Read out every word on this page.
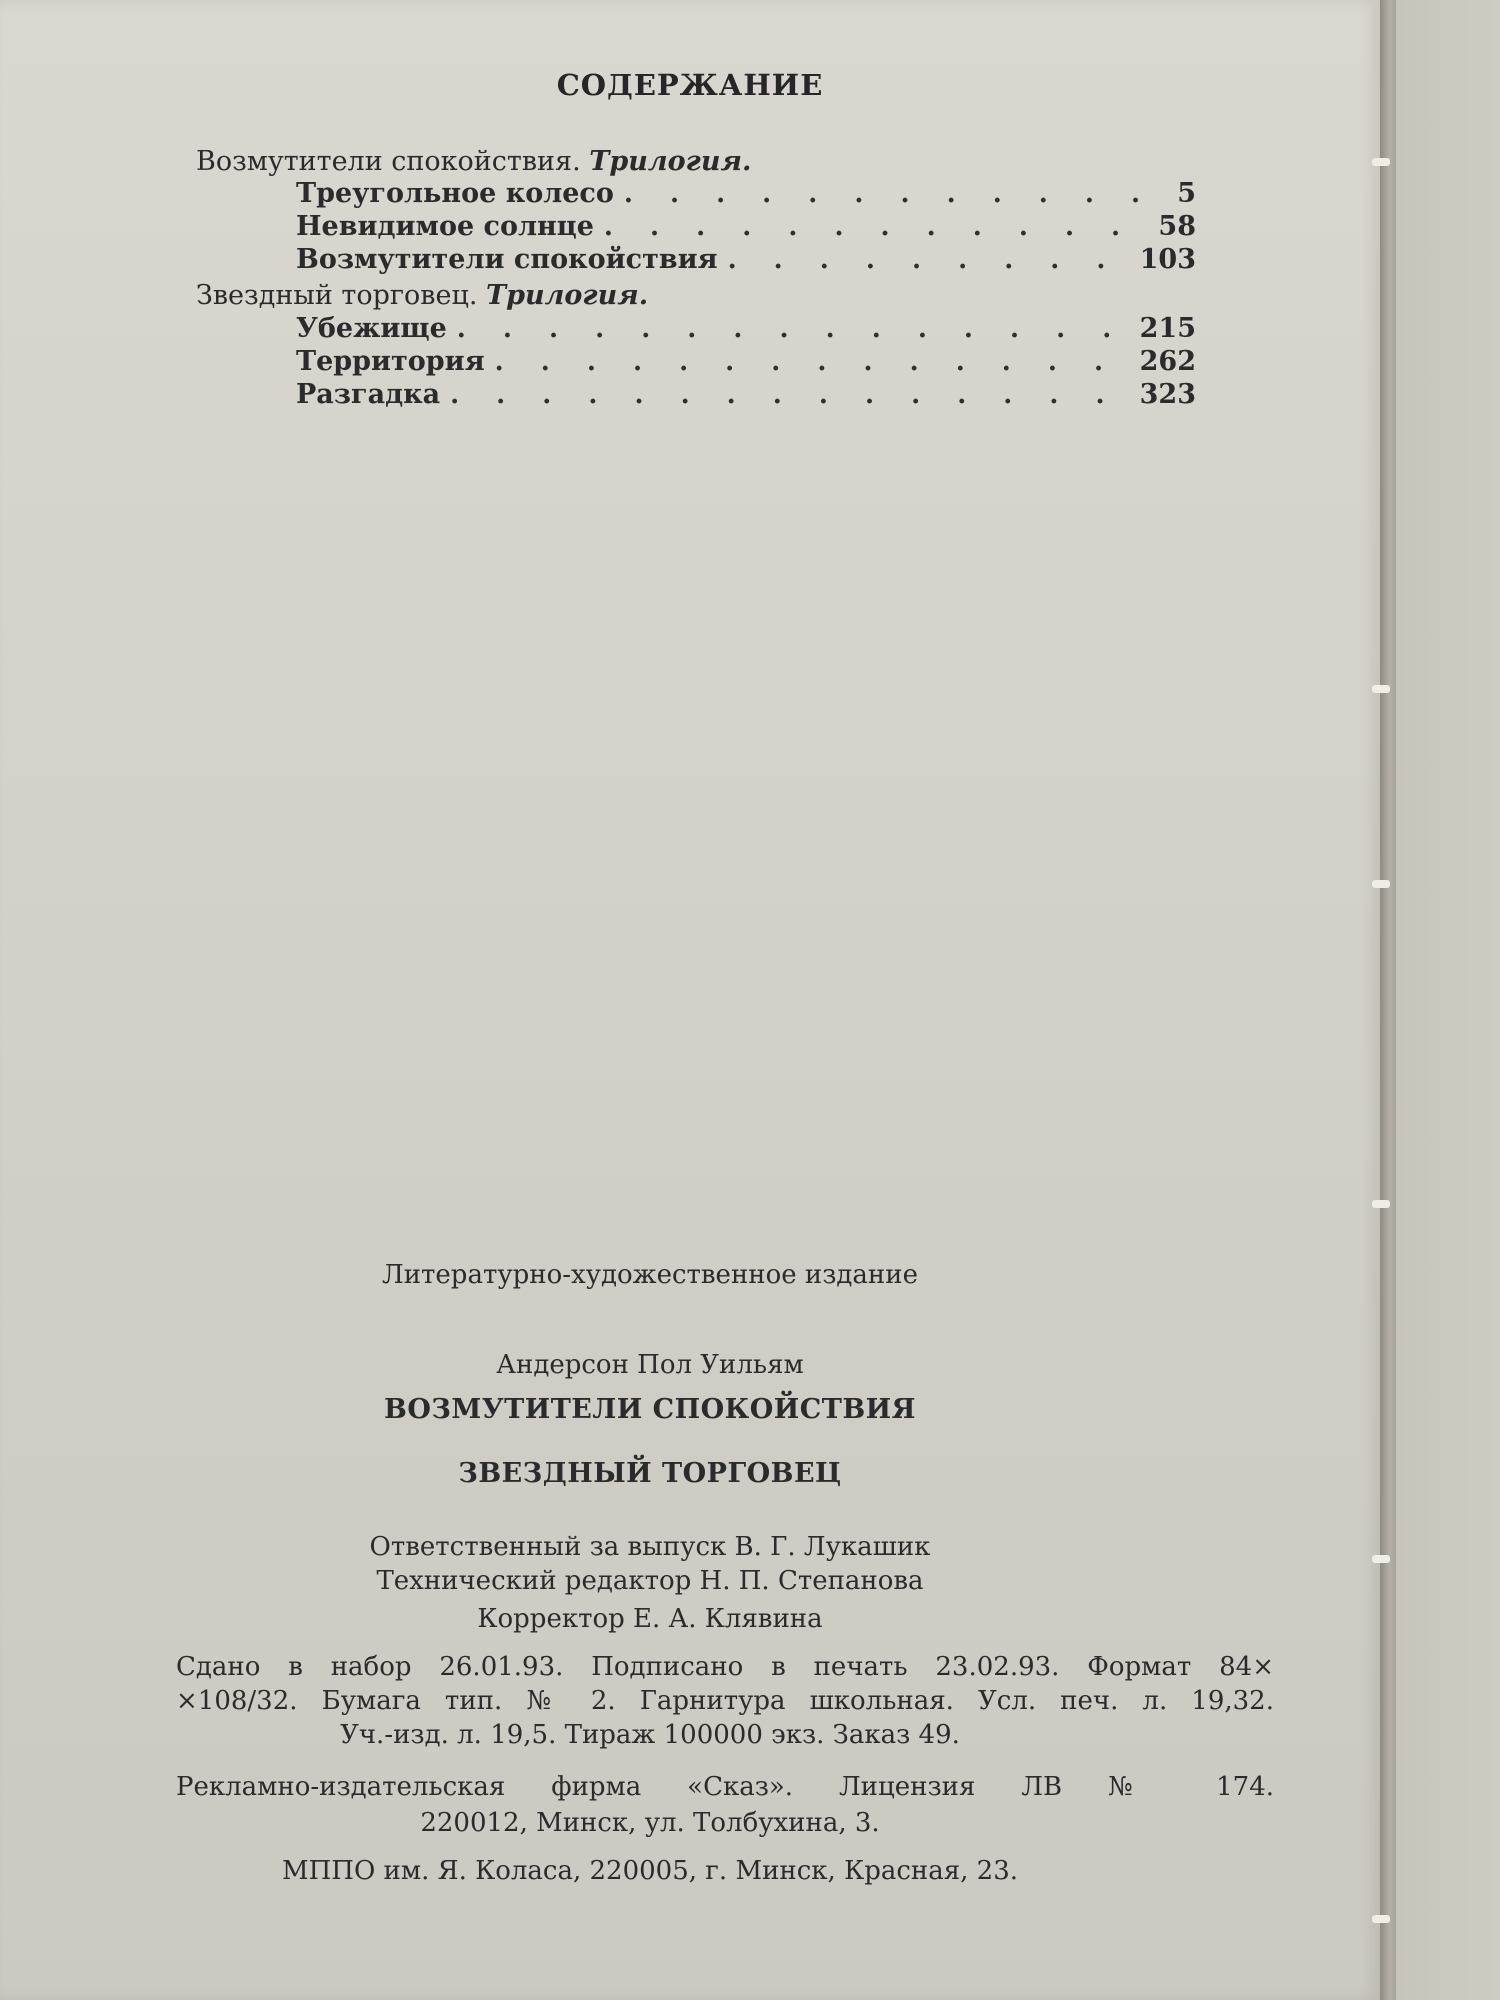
СОДЕРЖАНИЕ
Возмутители спокойствия. Трилогия.
Треугольное колесо . . .	5
Невидимое солнце . . .	58
Возмутители спокойствия . . .	103
Звездный торговец. Трилогия.
Убежище . . .	215
Территория . . .	262
Разгадка . . .	323
Литературно-художественное издание
Андерсон Пол Уильям
ВОЗМУТИТЕЛИ СПОКОЙСТВИЯ
ЗВЕЗДНЫЙ ТОРГОВЕЦ
Ответственный за выпуск В. Г. Лукашик
Технический редактор Н. П. Степанова
Корректор Е. А. Клявина
Сдано в набор 26.01.93. Подписано в печать 23.02.93. Формат 84×
×108/32. Бумага тип. № 2. Гарнитура школьная. Усл. печ. л. 19,32.
Уч.-изд. л. 19,5. Тираж 100000 экз. Заказ 49.
Рекламно-издательская фирма «Сказ». Лицензия ЛВ № 174.
220012, Минск, ул. Толбухина, 3.
МППО им. Я. Коласа, 220005, г. Минск, Красная, 23.
